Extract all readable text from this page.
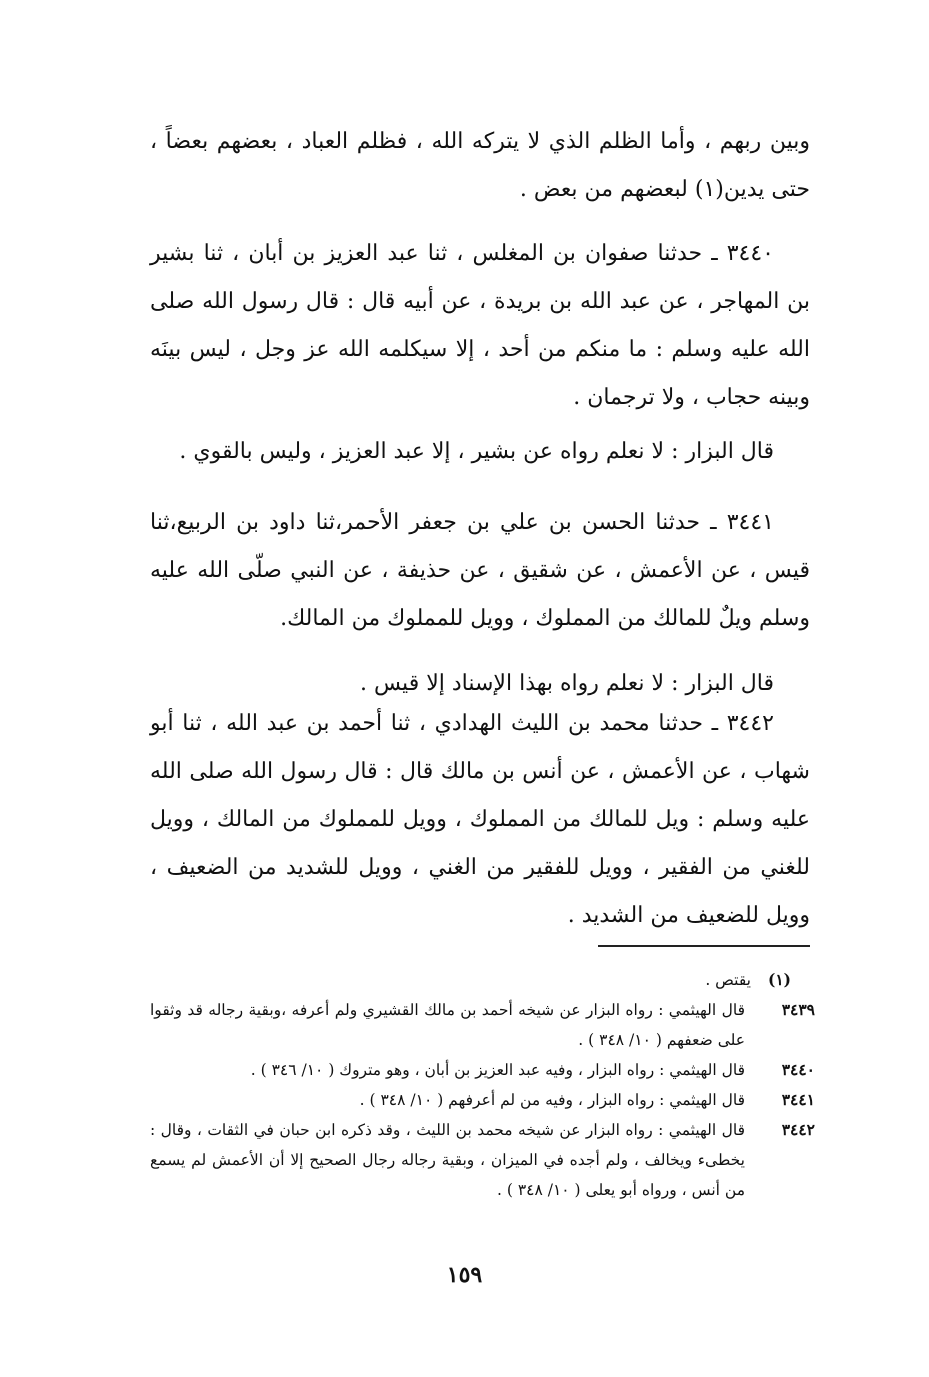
وبين ربهم ، وأما الظلم الذي لا يتركه الله ، فظلم العباد ، بعضهم بعضاً ، حتى يدين(١) لبعضهم من بعض .

٣٤٤٠ ـ حدثنا صفوان بن المغلس ، ثنا عبد العزيز بن أبان ، ثنا بشير بن المهاجر ، عن عبد الله بن بريدة ، عن أبيه قال : قال رسول الله صلى الله عليه وسلم : ما منكم من أحد ، إلا سيكلمه الله عز وجل ، ليس بينَه وبينه حجاب ، ولا ترجمان .

قال البزار : لا نعلم رواه عن بشير ، إلا عبد العزيز ، وليس بالقوي .

٣٤٤١ ـ حدثنا الحسن بن علي بن جعفر الأحمر،ثنا داود بن الربيع،ثنا قيس ، عن الأعمش ، عن شقيق ، عن حذيفة ، عن النبي صلّى الله عليه وسلم ويلٌ للمالك من المملوك ، وويل للمملوك من المالك.

قال البزار : لا نعلم رواه بهذا الإسناد إلا قيس .

٣٤٤٢ ـ حدثنا محمد بن الليث الهدادي ، ثنا أحمد بن عبد الله ، ثنا أبو شهاب ، عن الأعمش ، عن أنس بن مالك قال : قال رسول الله صلى الله عليه وسلم : ويل للمالك من المملوك ، وويل للمملوك من المالك ، وويل للغني من الفقير ، وويل للفقير من الغني ، وويل للشديد من الضعيف ، وويل للضعيف من الشديد .

(١)
يقتص .
٣٤٣٩
قال الهيثمي : رواه البزار عن شيخه أحمد بن مالك القشيري ولم أعرفه ،وبقية رجاله قد وثقوا على ضعفهم ( ١٠/ ٣٤٨ ) .
٣٤٤٠
قال الهيثمي : رواه البزار ، وفيه عبد العزيز بن أبان ، وهو متروك ( ١٠/ ٣٤٦ ) .
٣٤٤١
قال الهيثمي : رواه البزار ، وفيه من لم أعرفهم ( ١٠/ ٣٤٨ ) .
٣٤٤٢
قال الهيثمي : رواه البزار عن شيخه محمد بن الليث ، وقد ذكره ابن حبان في الثقات ، وقال : يخطىء ويخالف ، ولم أجده في الميزان ، وبقية رجاله رجال الصحيح إلا أن الأعمش لم يسمع من أنس ، ورواه أبو يعلى ( ١٠/ ٣٤٨ ) .
١٥٩
